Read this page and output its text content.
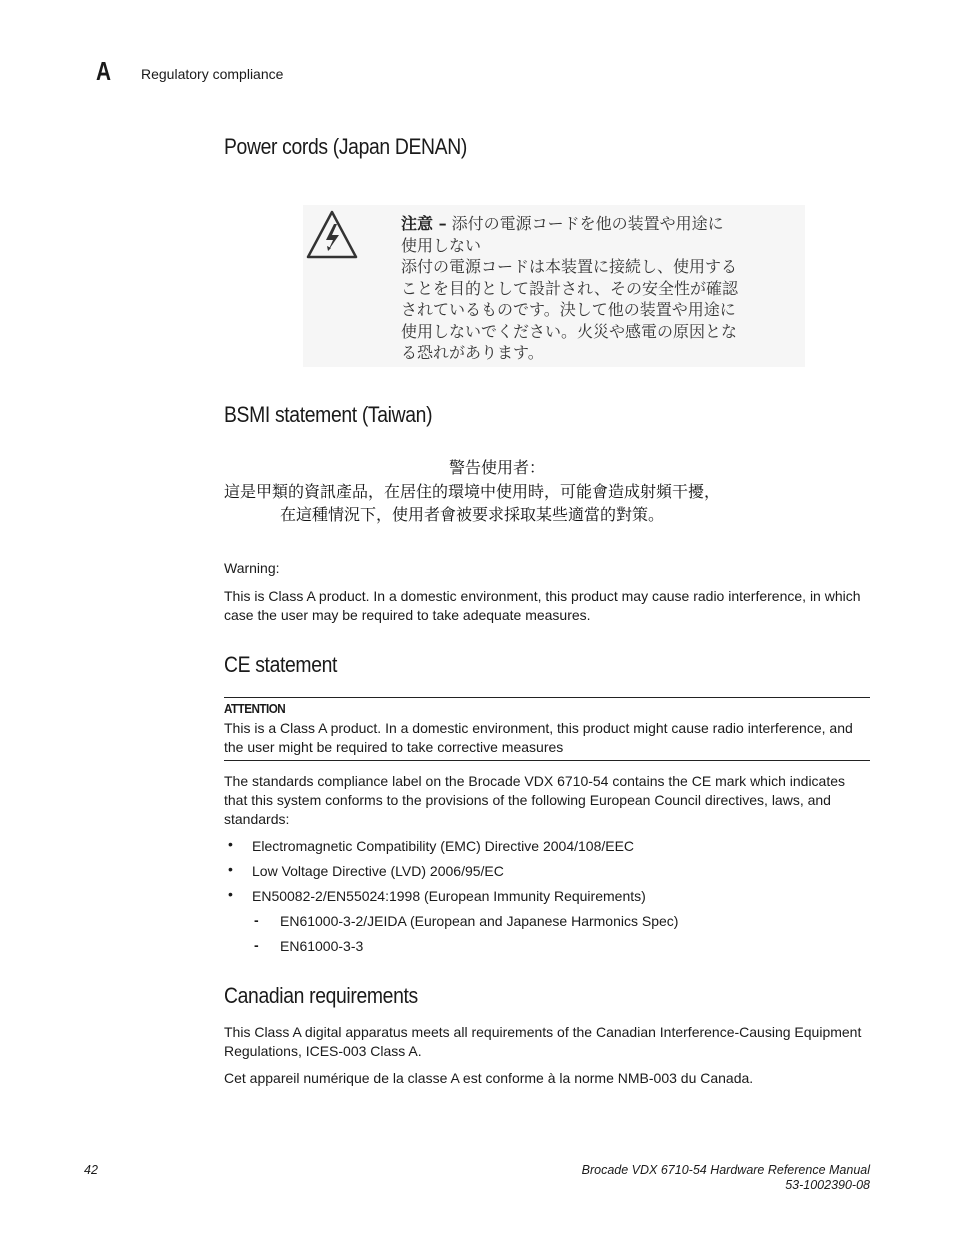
A Regulatory compliance
Power cords (Japan DENAN)
注意 – 添付の電源コードを他の装置や用途に
使用しない
添付の電源コードは本装置に接続し、使用する
ことを目的として設計され、その安全性が確認
されているものです。決して他の装置や用途に
使用しないでください。火災や感電の原因とな
る恐れがあります。
BSMI statement (Taiwan)
警告使用者：
這是甲類的資訊產品，在居住的環境中使用時，可能會造成射頻干擾，
在這種情況下，使用者會被要求採取某些適當的對策。
Warning:
This is Class A product. In a domestic environment, this product may cause radio interference, in which case the user may be required to take adequate measures.
CE statement
ATTENTION
This is a Class A product. In a domestic environment, this product might cause radio interference, and the user might be required to take corrective measures
The standards compliance label on the Brocade VDX 6710-54 contains the CE mark which indicates that this system conforms to the provisions of the following European Council directives, laws, and standards:
• Electromagnetic Compatibility (EMC) Directive 2004/108/EEC
• Low Voltage Directive (LVD) 2006/95/EC
• EN50082-2/EN55024:1998 (European Immunity Requirements)
- EN61000-3-2/JEIDA (European and Japanese Harmonics Spec)
- EN61000-3-3
Canadian requirements
This Class A digital apparatus meets all requirements of the Canadian Interference-Causing Equipment Regulations, ICES-003 Class A.
Cet appareil numérique de la classe A est conforme à la norme NMB-003 du Canada.
42	Brocade VDX 6710-54 Hardware Reference Manual
53-1002390-08
